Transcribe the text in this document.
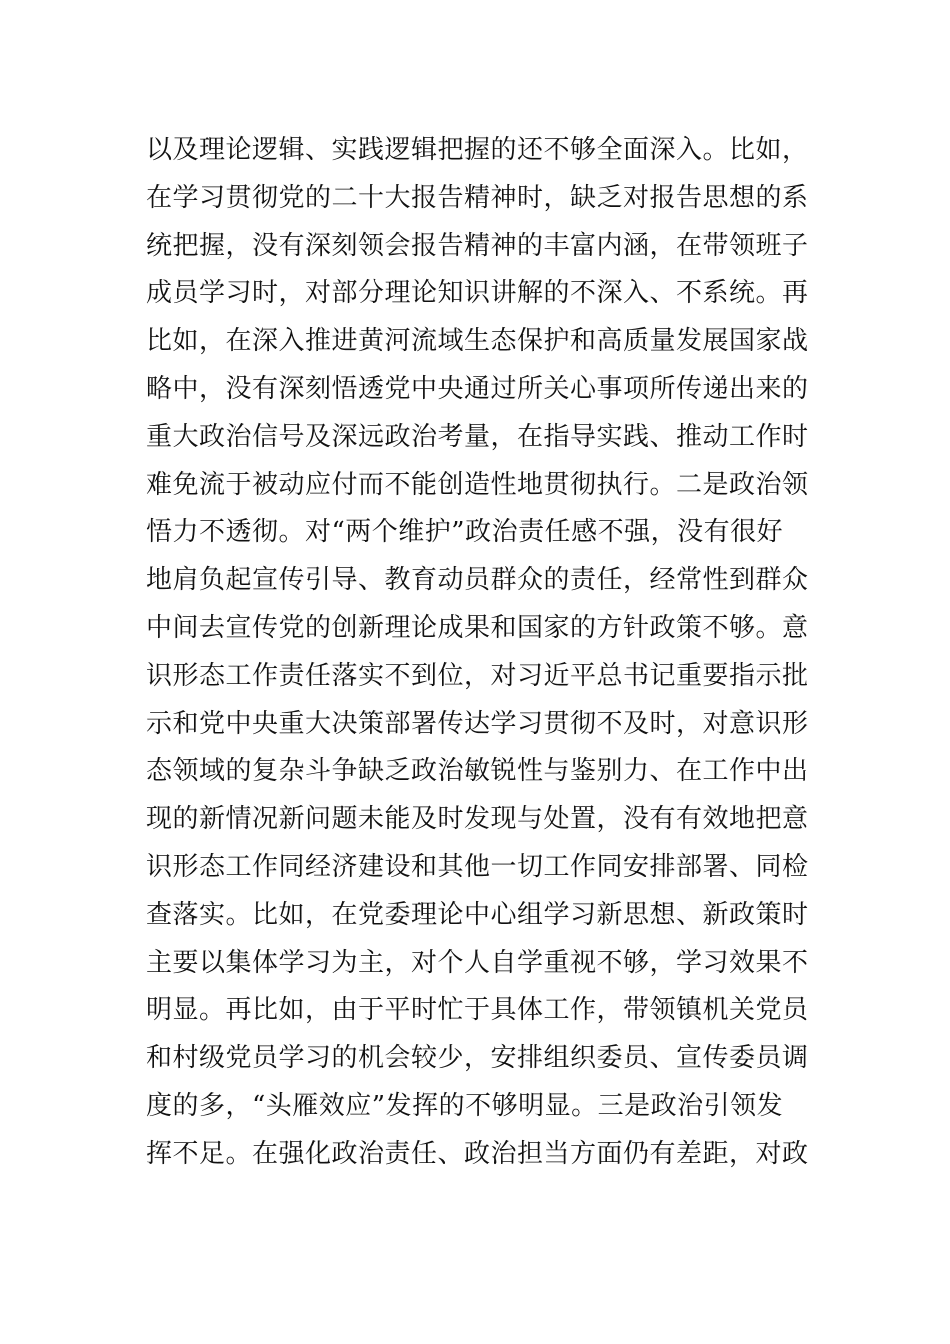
以及理论逻辑、实践逻辑把握的还不够全面深入。比如，
在学习贯彻党的二十大报告精神时，缺乏对报告思想的系
统把握，没有深刻领会报告精神的丰富内涵，在带领班子
成员学习时，对部分理论知识讲解的不深入、不系统。再
比如，在深入推进黄河流域生态保护和高质量发展国家战
略中，没有深刻悟透党中央通过所关心事项所传递出来的
重大政治信号及深远政治考量，在指导实践、推动工作时
难免流于被动应付而不能创造性地贯彻执行。二是政治领
悟力不透彻。对“两个维护”政治责任感不强，没有很好
地肩负起宣传引导、教育动员群众的责任，经常性到群众
中间去宣传党的创新理论成果和国家的方针政策不够。意
识形态工作责任落实不到位，对习近平总书记重要指示批
示和党中央重大决策部署传达学习贯彻不及时，对意识形
态领域的复杂斗争缺乏政治敏锐性与鉴别力、在工作中出
现的新情况新问题未能及时发现与处置，没有有效地把意
识形态工作同经济建设和其他一切工作同安排部署、同检
查落实。比如，在党委理论中心组学习新思想、新政策时
主要以集体学习为主，对个人自学重视不够，学习效果不
明显。再比如，由于平时忙于具体工作，带领镇机关党员
和村级党员学习的机会较少，安排组织委员、宣传委员调
度的多，“头雁效应”发挥的不够明显。三是政治引领发
挥不足。在强化政治责任、政治担当方面仍有差距，对政
